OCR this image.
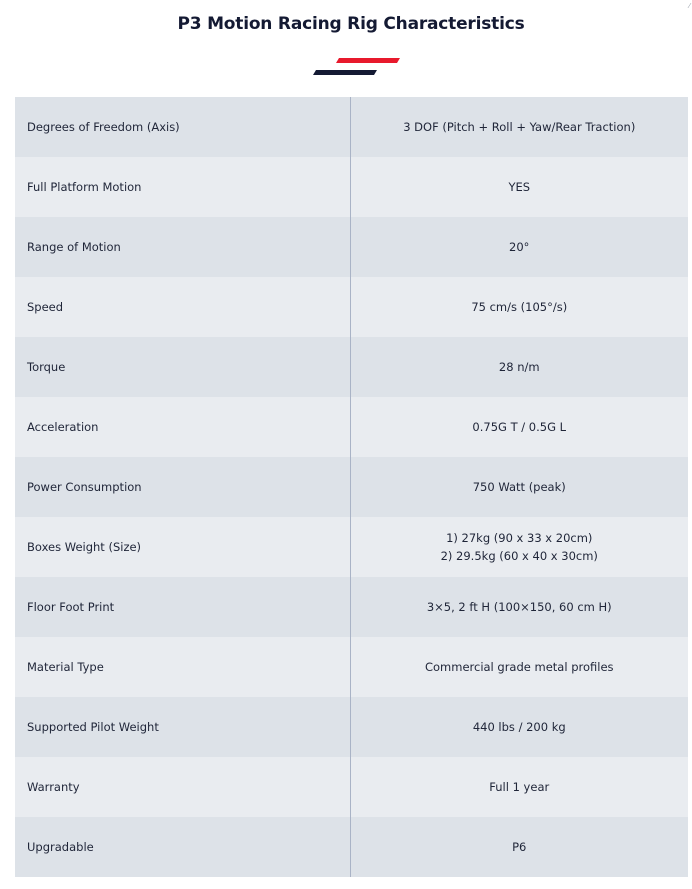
P3 Motion Racing Rig Characteristics
⁄
Degrees of Freedom (Axis)	3 DOF (Pitch + Roll + Yaw/Rear Traction)

Full Platform Motion	YES

Range of Motion	20°

Speed	75 cm/s (105°/s)

Torque	28 n/m

Acceleration	0.75G T / 0.5G L

Power Consumption	750 Watt (peak)

Boxes Weight (Size)	1) 27kg (90 x 33 x 20cm)
2) 29.5kg (60 x 40 x 30cm)

Floor Foot Print	3×5, 2 ft H (100×150, 60 cm H)

Material Type	Commercial grade metal profiles

Supported Pilot Weight	440 lbs / 200 kg

Warranty	Full 1 year

Upgradable	P6
